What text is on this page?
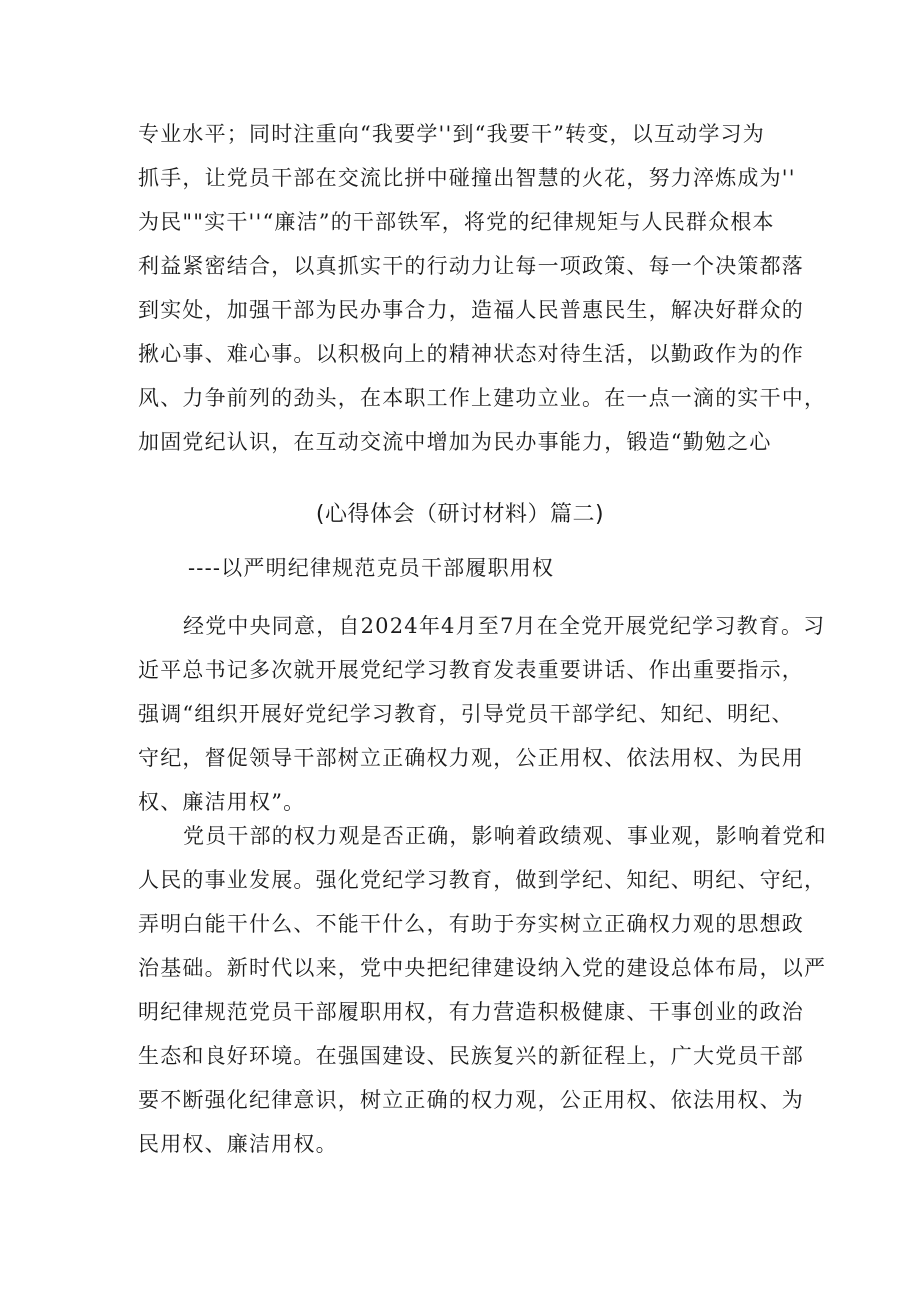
专业水平；同时注重向“我要学''到“我要干”转变，以互动学习为
抓手，让党员干部在交流比拼中碰撞出智慧的火花，努力淬炼成为''
为民""实干''“廉洁”的干部铁军，将党的纪律规矩与人民群众根本
利益紧密结合，以真抓实干的行动力让每一项政策、每一个决策都落
到实处，加强干部为民办事合力，造福人民普惠民生，解决好群众的
揪心事、难心事。以积极向上的精神状态对待生活，以勤政作为的作
风、力争前列的劲头，在本职工作上建功立业。在一点一滴的实干中，
加固党纪认识，在互动交流中增加为民办事能力，锻造“勤勉之心
(心得体会（研讨材料）篇二)
----以严明纪律规范克员干部履职用权
经党中央同意，自2024年4月至7月在全党开展党纪学习教育。习
近平总书记多次就开展党纪学习教育发表重要讲话、作出重要指示，
强调“组织开展好党纪学习教育，引导党员干部学纪、知纪、明纪、
守纪，督促领导干部树立正确权力观，公正用权、依法用权、为民用
权、廉洁用权”。
党员干部的权力观是否正确，影响着政绩观、事业观，影响着党和
人民的事业发展。强化党纪学习教育，做到学纪、知纪、明纪、守纪，
弄明白能干什么、不能干什么，有助于夯实树立正确权力观的思想政
治基础。新时代以来，党中央把纪律建设纳入党的建设总体布局，以严
明纪律规范党员干部履职用权，有力营造积极健康、干事创业的政治
生态和良好环境。在强国建设、民族复兴的新征程上，广大党员干部
要不断强化纪律意识，树立正确的权力观，公正用权、依法用权、为
民用权、廉洁用权。
